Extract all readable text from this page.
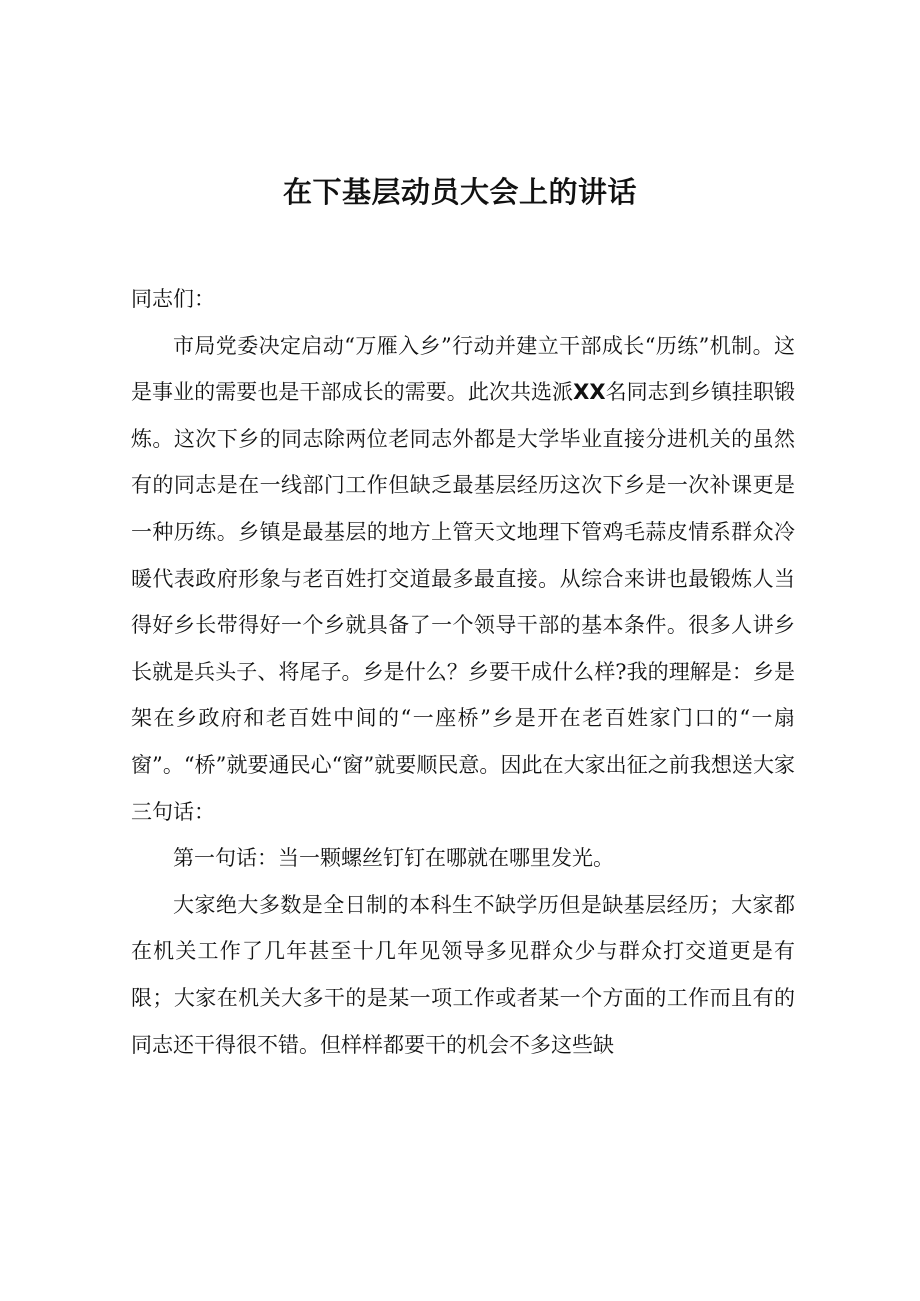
在下基层动员大会上的讲话

同志们：

市局党委决定启动“万雁入乡”行动并建立干部成长“历练”机制。这是事业的需要也是干部成长的需要。此次共选派XX名同志到乡镇挂职锻炼。这次下乡的同志除两位老同志外都是大学毕业直接分进机关的虽然有的同志是在一线部门工作但缺乏最基层经历这次下乡是一次补课更是一种历练。乡镇是最基层的地方上管天文地理下管鸡毛蒜皮情系群众冷暖代表政府形象与老百姓打交道最多最直接。从综合来讲也最锻炼人当得好乡长带得好一个乡就具备了一个领导干部的基本条件。很多人讲乡长就是兵头子、将尾子。乡是什么？乡要干成什么样?我的理解是：乡是架在乡政府和老百姓中间的“一座桥”乡是开在老百姓家门口的“一扇窗”。“桥”就要通民心“窗”就要顺民意。因此在大家出征之前我想送大家三句话：

第一句话：当一颗螺丝钉钉在哪就在哪里发光。

大家绝大多数是全日制的本科生不缺学历但是缺基层经历；大家都在机关工作了几年甚至十几年见领导多见群众少与群众打交道更是有限；大家在机关大多干的是某一项工作或者某一个方面的工作而且有的同志还干得很不错。但样样都要干的机会不多这些缺
